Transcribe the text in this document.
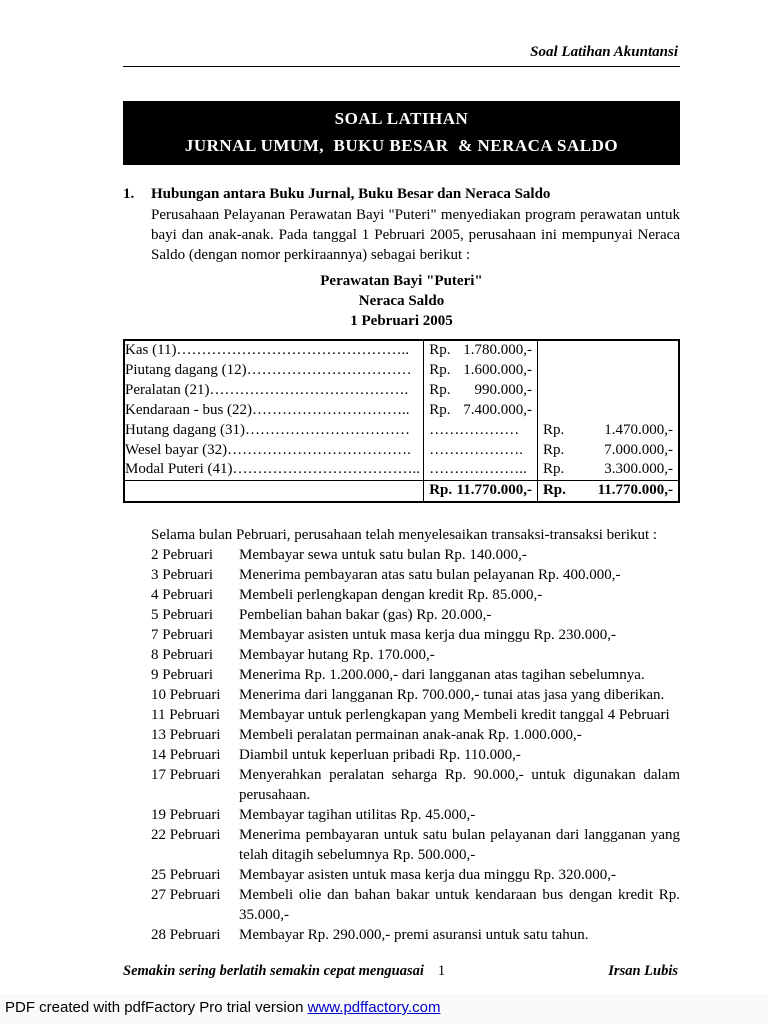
Soal Latihan Akuntansi
SOAL LATIHAN
JURNAL UMUM,  BUKU BESAR  & NERACA SALDO
1.	Hubungan antara Buku Jurnal, Buku Besar dan Neraca Saldo

Perusahaan Pelayanan Perawatan Bayi "Puteri" menyediakan program perawatan untuk bayi dan anak-anak. Pada tanggal 1 Pebruari 2005, perusahaan ini mempunyai Neraca Saldo (dengan nomor perkiraannya) sebagai berikut :

Perawatan Bayi "Puteri"
Neraca Saldo
1 Pebruari 2005
Kas (11)………………………………………..	Rp. 1.780.000,-	

Piutang dagang (12)……………………………	Rp. 1.600.000,-	

Peralatan (21)………………………………….	Rp. 990.000,-	

Kendaraan - bus (22)…………………………..	Rp. 7.400.000,-	

Hutang dagang (31)……………………………	………………	Rp. 1.470.000,-

Wesel bayar (32)……………………………….	……………….	Rp. 7.000.000,-

Modal Puteri (41)………………………………..	………………..	Rp. 3.300.000,-

	Rp. 11.770.000,-	Rp. 11.770.000,-

Selama bulan Pebruari, perusahaan telah menyelesaikan transaksi-transaksi berikut :

2 Pebruari	Membayar sewa untuk satu bulan Rp. 140.000,-
3 Pebruari	Menerima pembayaran atas satu bulan pelayanan Rp. 400.000,-
4 Pebruari	Membeli perlengkapan dengan kredit Rp. 85.000,-
5 Pebruari	Pembelian bahan bakar (gas) Rp. 20.000,-
7 Pebruari	Membayar asisten untuk masa kerja dua minggu Rp. 230.000,-
8 Pebruari	Membayar hutang Rp. 170.000,-
9 Pebruari	Menerima Rp. 1.200.000,- dari langganan atas tagihan sebelumnya.
10 Pebruari	Menerima dari langganan Rp. 700.000,- tunai atas jasa yang diberikan.
11 Pebruari	Membayar untuk perlengkapan yang Membeli kredit tanggal 4 Pebruari
13 Pebruari	Membeli peralatan permainan anak-anak Rp. 1.000.000,-
14 Pebruari	Diambil untuk keperluan pribadi Rp. 110.000,-
17 Pebruari	Menyerahkan peralatan seharga Rp. 90.000,- untuk digunakan dalam perusahaan.
19 Pebruari	Membayar tagihan utilitas Rp. 45.000,-
22 Pebruari	Menerima pembayaran untuk satu bulan pelayanan dari langganan yang telah ditagih sebelumnya Rp. 500.000,-
25 Pebruari	Membayar asisten untuk masa kerja dua minggu Rp. 320.000,-
27 Pebruari	Membeli olie dan bahan bakar untuk kendaraan bus dengan kredit Rp. 35.000,-
28 Pebruari	Membayar Rp. 290.000,- premi asuransi untuk satu tahun.
Semakin sering berlatih semakin cepat menguasai 1	Irsan Lubis
PDF created with pdfFactory Pro trial version www.pdffactory.com
